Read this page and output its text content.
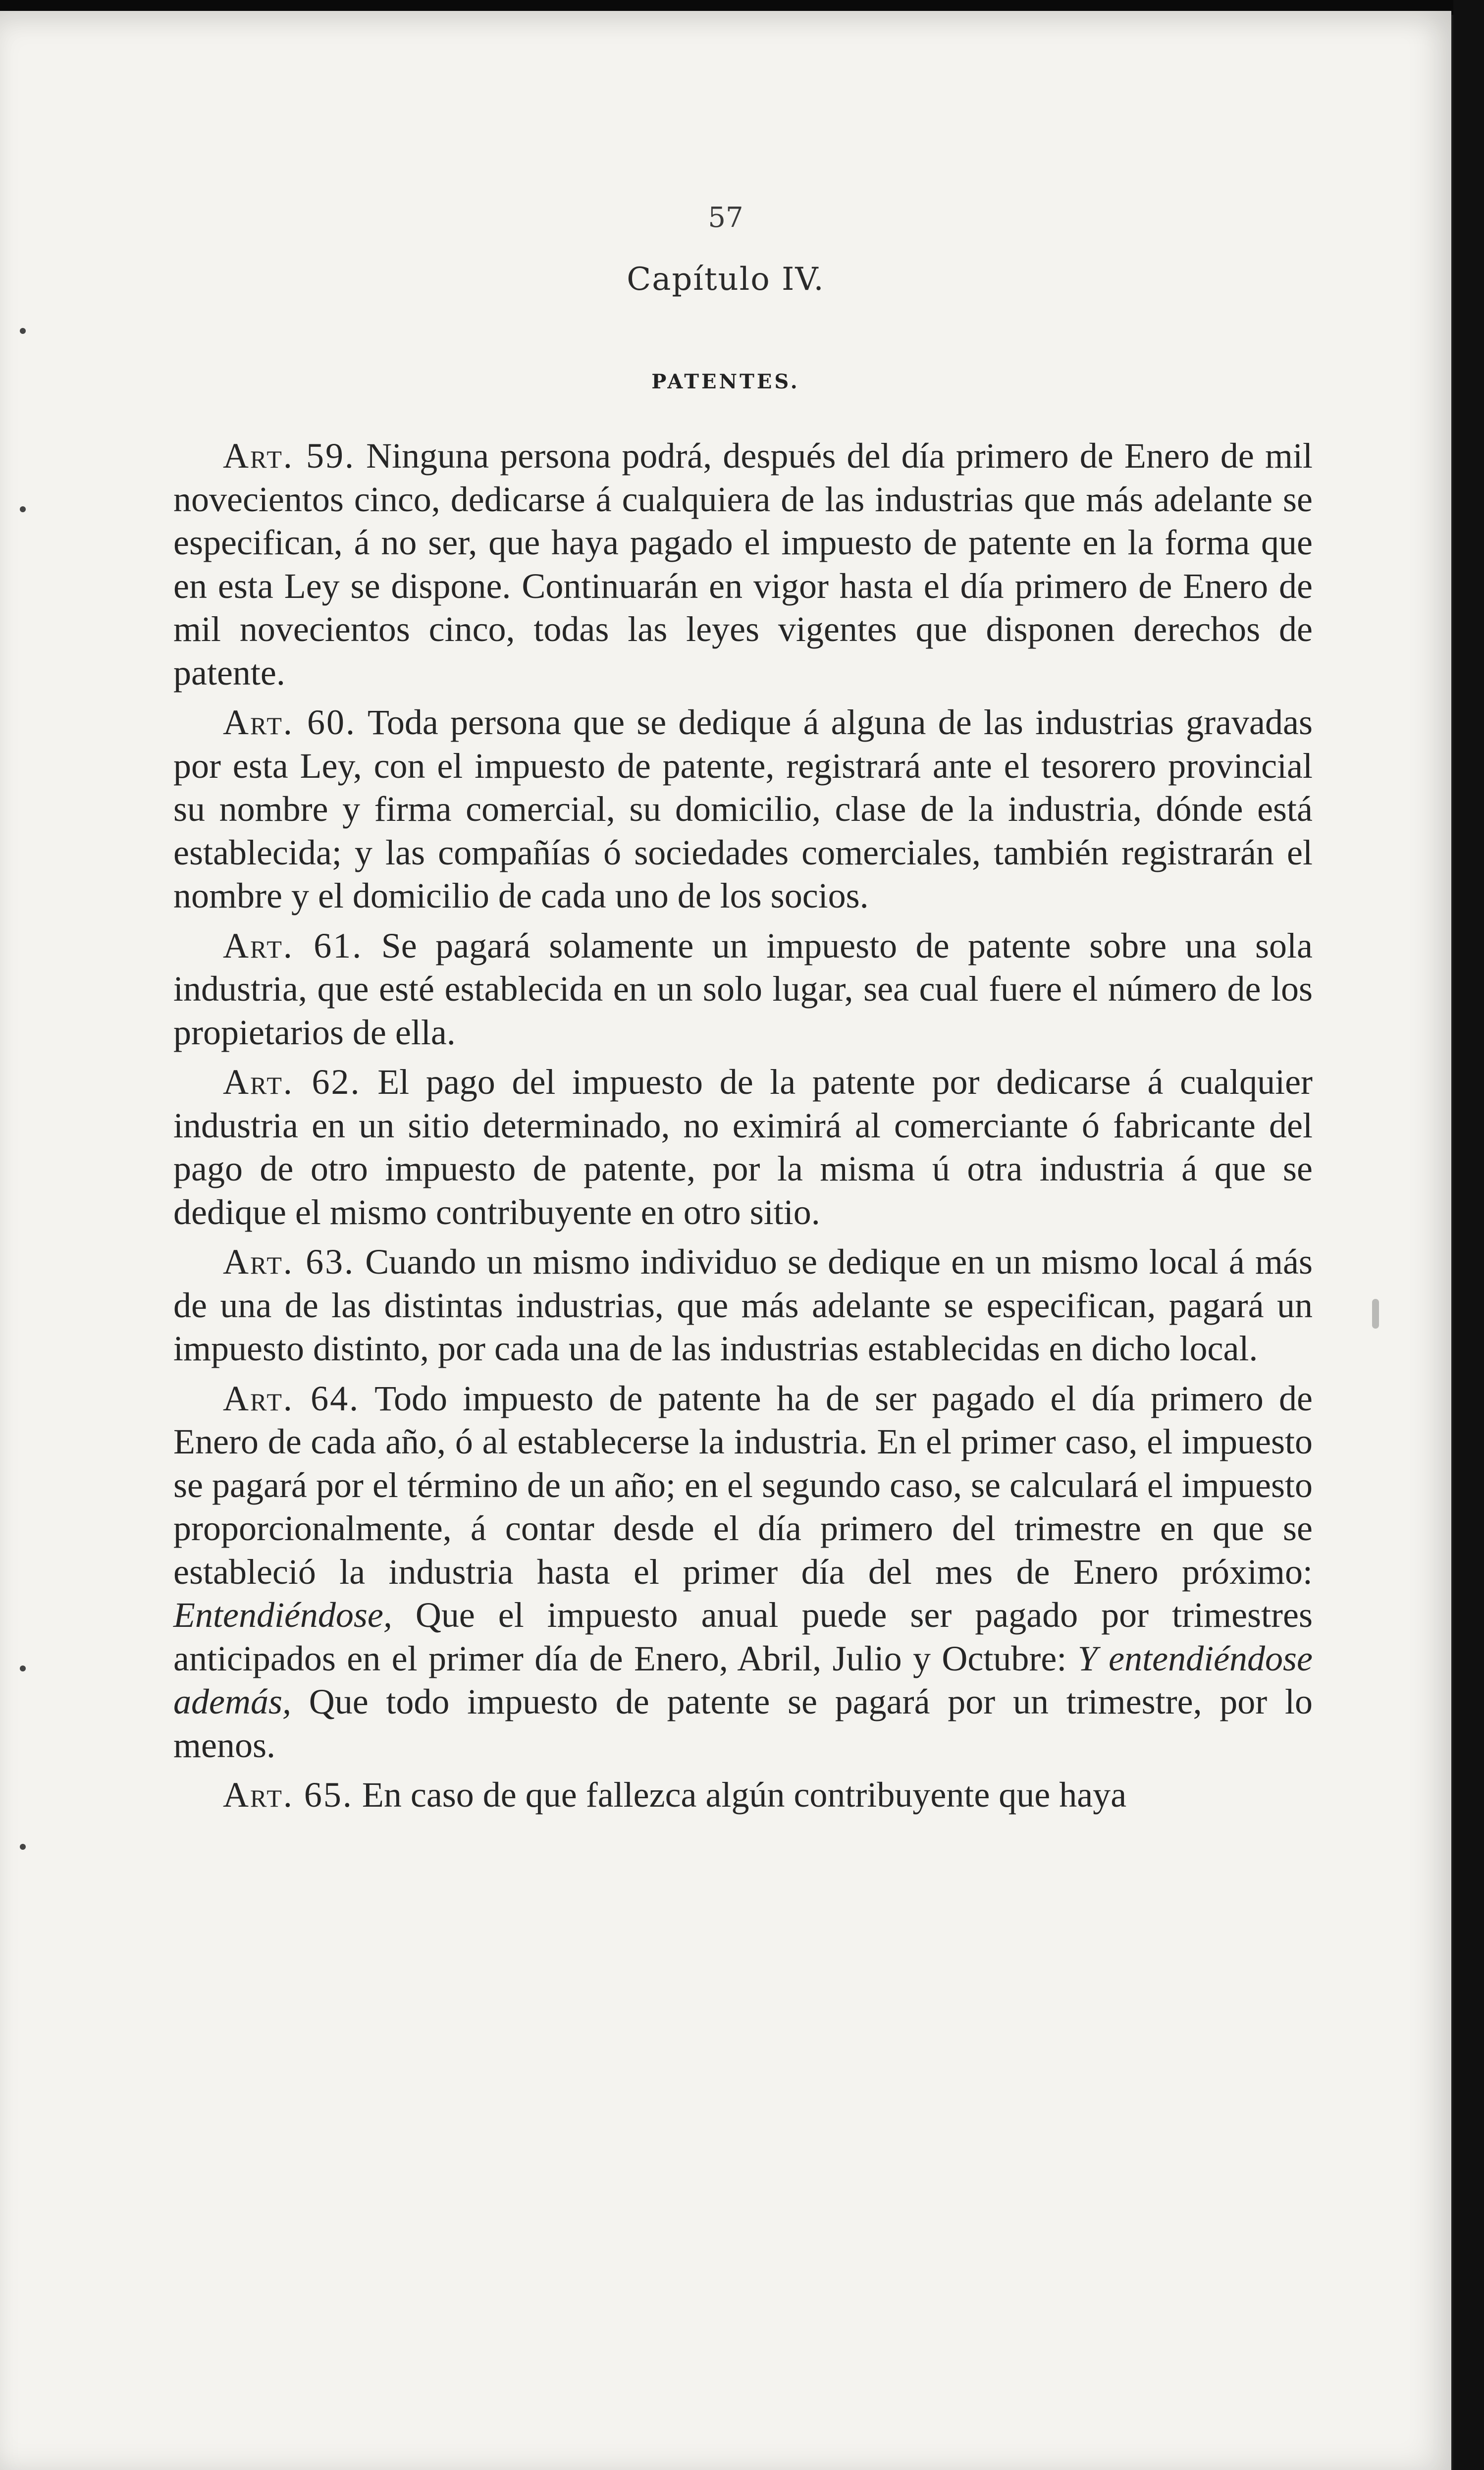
57
Capítulo IV.
PATENTES.

Art. 59. Ninguna persona podrá, después del día primero de Enero de mil novecientos cinco, dedicarse á cualquiera de las industrias que más adelante se especifican, á no ser, que haya pagado el impuesto de patente en la forma que en esta Ley se dispone. Continuarán en vigor hasta el día primero de Enero de mil novecientos cinco, todas las leyes vigentes que disponen derechos de patente.

Art. 60. Toda persona que se dedique á alguna de las industrias gravadas por esta Ley, con el impuesto de patente, registrará ante el tesorero provincial su nombre y firma comercial, su domicilio, clase de la industria, dónde está establecida; y las compañías ó sociedades comerciales, también registrarán el nombre y el domicilio de cada uno de los socios.

Art. 61. Se pagará solamente un impuesto de patente sobre una sola industria, que esté establecida en un solo lugar, sea cual fuere el número de los propietarios de ella.

Art. 62. El pago del impuesto de la patente por dedicarse á cualquier industria en un sitio determinado, no eximirá al comerciante ó fabricante del pago de otro impuesto de patente, por la misma ú otra industria á que se dedique el mismo contribuyente en otro sitio.

Art. 63. Cuando un mismo individuo se dedique en un mismo local á más de una de las distintas industrias, que más adelante se especifican, pagará un impuesto distinto, por cada una de las industrias establecidas en dicho local.

Art. 64. Todo impuesto de patente ha de ser pagado el día primero de Enero de cada año, ó al establecerse la industria. En el primer caso, el impuesto se pagará por el término de un año; en el segundo caso, se calculará el impuesto proporcionalmente, á contar desde el día primero del trimestre en que se estableció la industria hasta el primer día del mes de Enero próximo: Entendiéndose, Que el impuesto anual puede ser pagado por trimestres anticipados en el primer día de Enero, Abril, Julio y Octubre: Y entendiéndose además, Que todo impuesto de patente se pagará por un trimestre, por lo menos.

Art. 65. En caso de que fallezca algún contribuyente que haya
